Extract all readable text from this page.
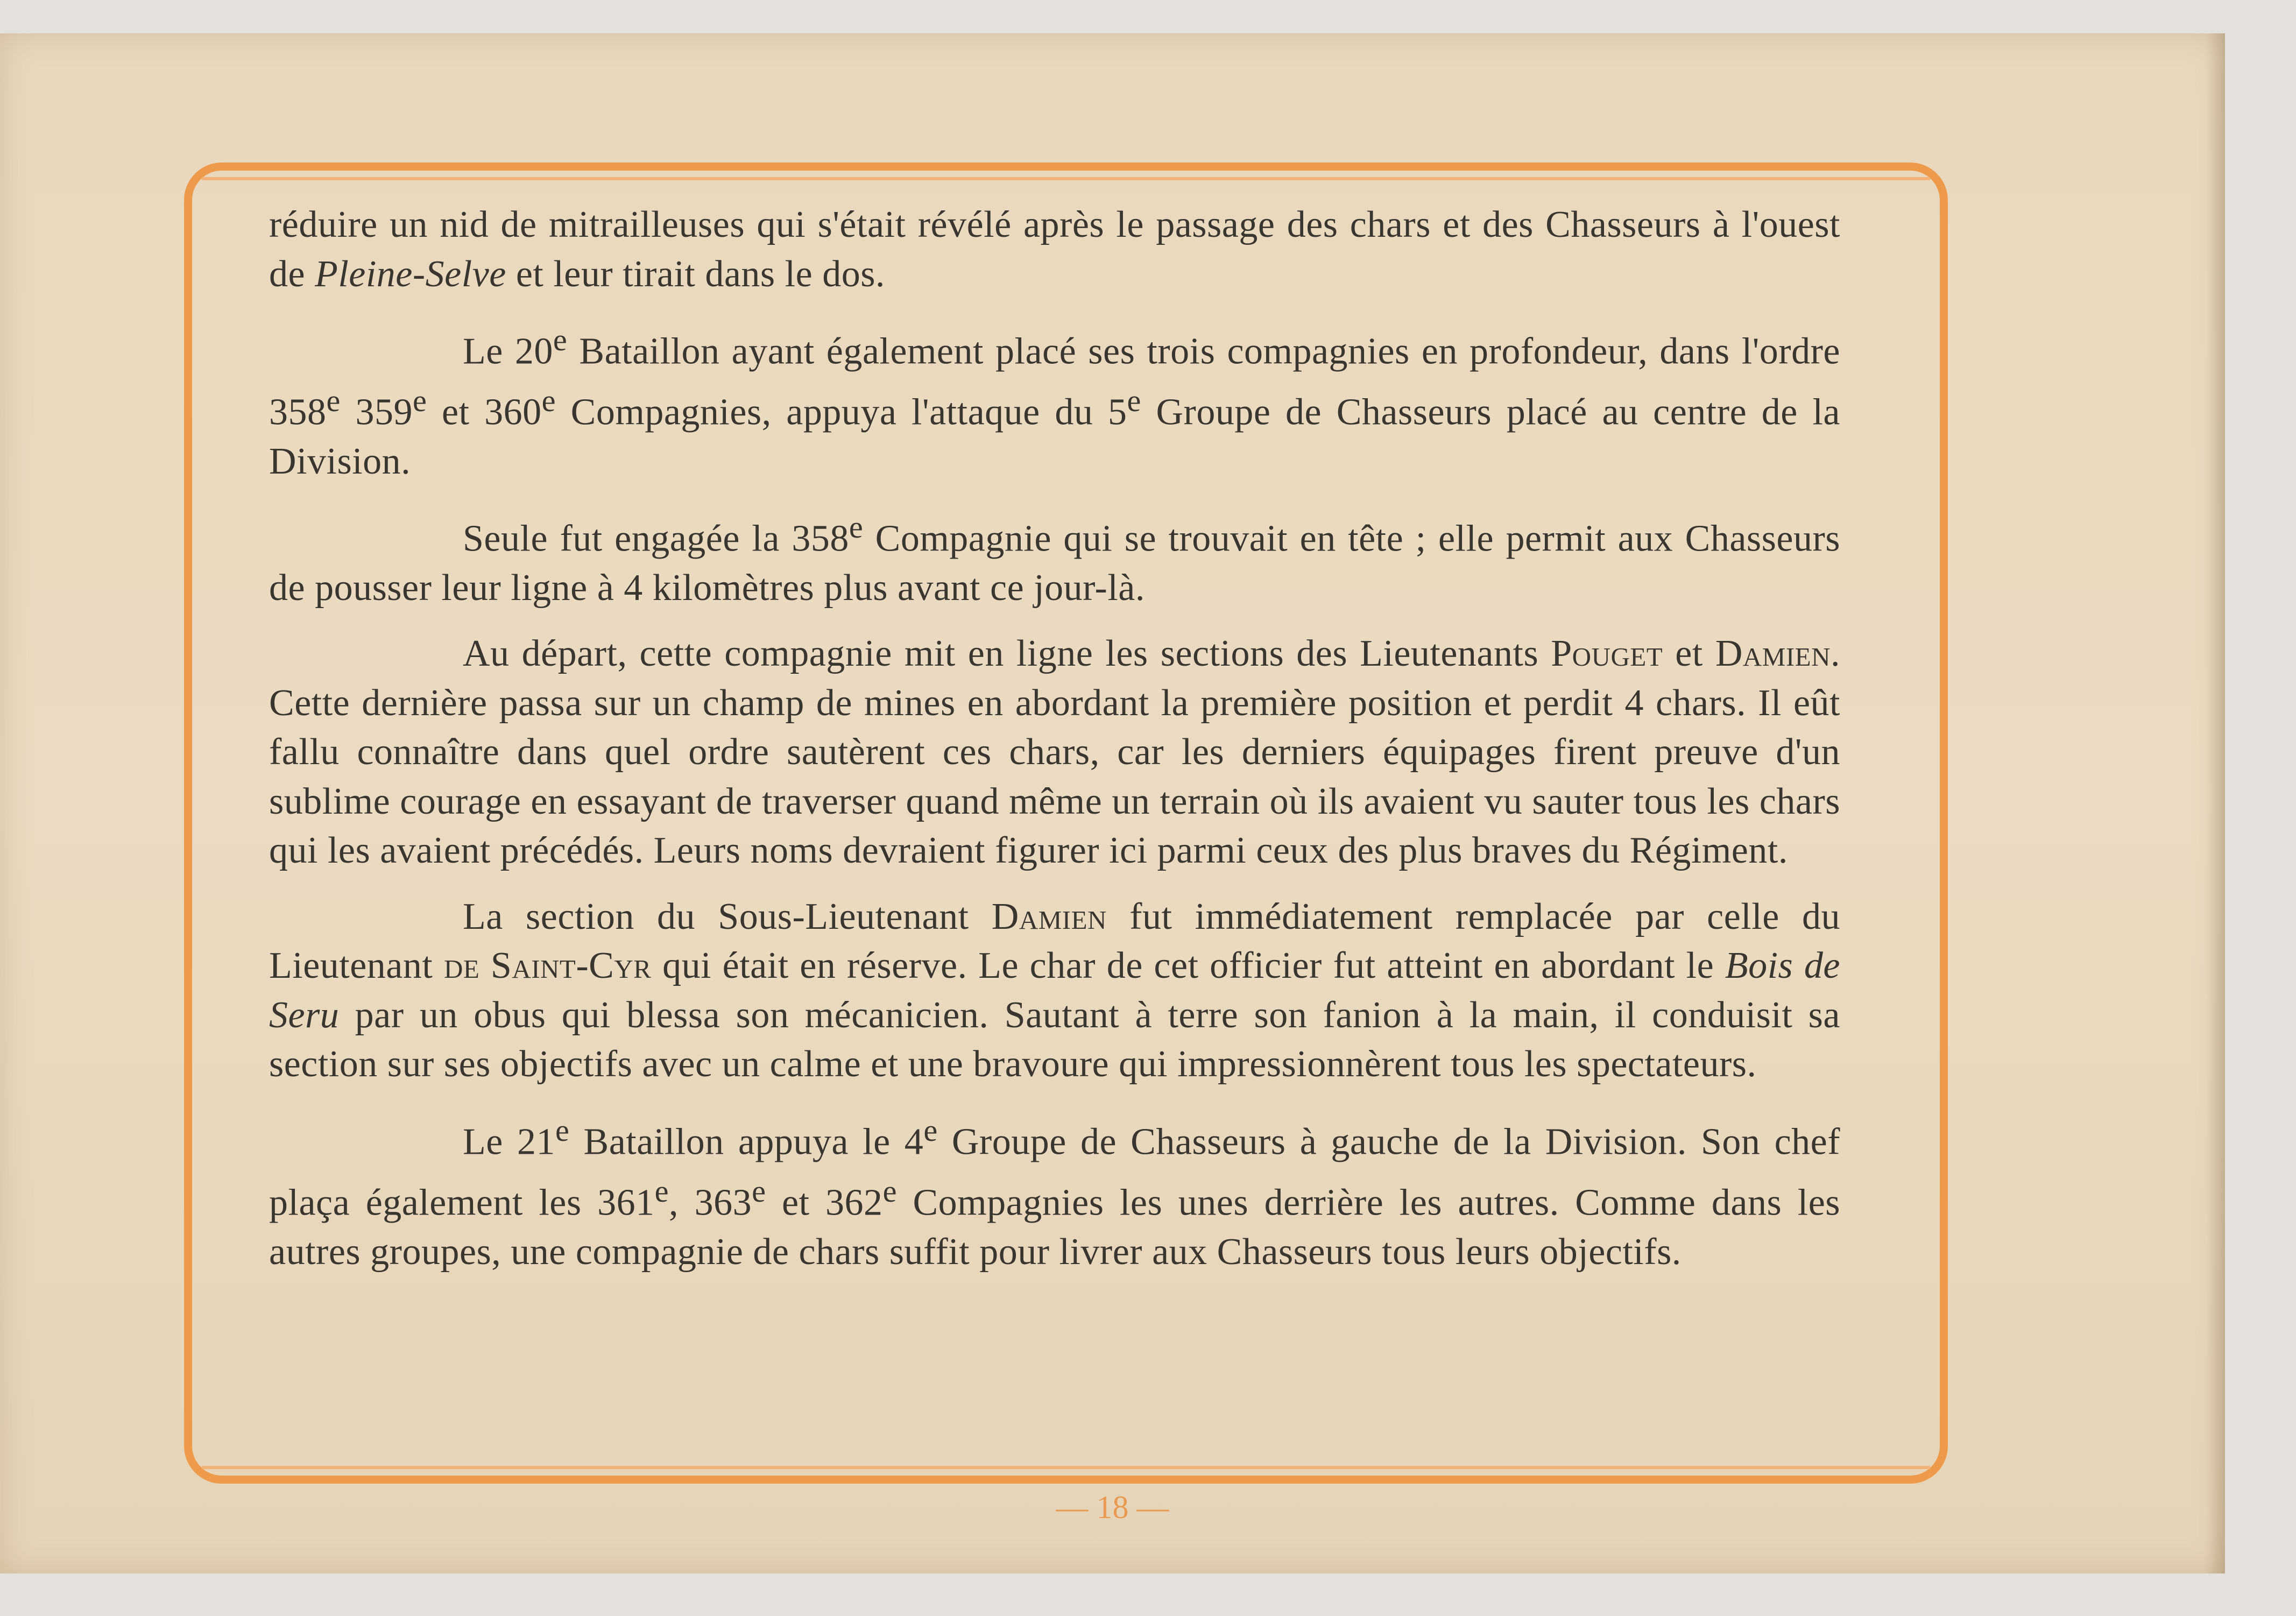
réduire un nid de mitrailleuses qui s'était révélé après le passage des chars et des Chasseurs à l'ouest de Pleine-Selve et leur tirait dans le dos.

Le 20e Bataillon ayant également placé ses trois compagnies en profondeur, dans l'ordre 358e 359e et 360e Compagnies, appuya l'attaque du 5e Groupe de Chasseurs placé au centre de la Division.

Seule fut engagée la 358e Compagnie qui se trouvait en tête ; elle permit aux Chasseurs de pousser leur ligne à 4 kilomètres plus avant ce jour-là.

Au départ, cette compagnie mit en ligne les sections des Lieutenants Pouget et Damien. Cette dernière passa sur un champ de mines en abordant la première position et perdit 4 chars. Il eût fallu connaître dans quel ordre sautèrent ces chars, car les derniers équipages firent preuve d'un sublime courage en essayant de traverser quand même un terrain où ils avaient vu sauter tous les chars qui les avaient précédés. Leurs noms devraient figurer ici parmi ceux des plus braves du Régiment.

La section du Sous-Lieutenant Damien fut immédiatement remplacée par celle du Lieutenant de Saint-Cyr qui était en réserve. Le char de cet officier fut atteint en abordant le Bois de Seru par un obus qui blessa son mécanicien. Sautant à terre son fanion à la main, il conduisit sa section sur ses objectifs avec un calme et une bravoure qui impressionnèrent tous les spectateurs.

Le 21e Bataillon appuya le 4e Groupe de Chasseurs à gauche de la Division. Son chef plaça également les 361e, 363e et 362e Compagnies les unes derrière les autres. Comme dans les autres groupes, une compagnie de chars suffit pour livrer aux Chasseurs tous leurs objectifs.

— 18 —
